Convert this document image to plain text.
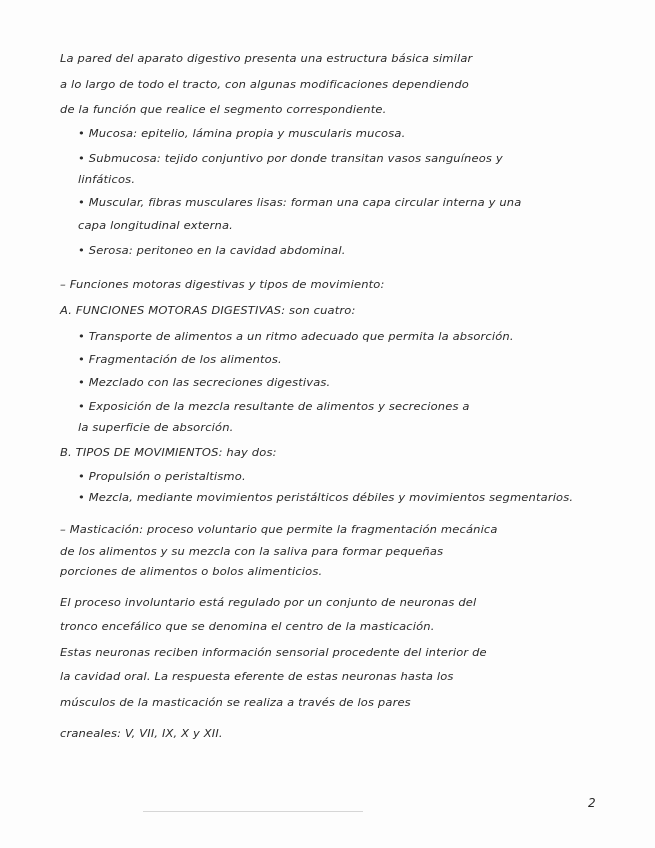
La pared del aparato digestivo presenta una estructura básica similar
a lo largo de todo el tracto, con algunas modificaciones dependiendo
de la función que realice el segmento correspondiente.
• Mucosa: epitelio, lámina propia y muscularis mucosa.
• Submucosa: tejido conjuntivo por donde transitan vasos sanguíneos y
linfáticos.
• Muscular, fibras musculares lisas: forman una capa circular interna y una
capa longitudinal externa.
• Serosa: peritoneo en la cavidad abdominal.
– Funciones motoras digestivas y tipos de movimiento:
A. FUNCIONES MOTORAS DIGESTIVAS: son cuatro:
• Transporte de alimentos a un ritmo adecuado que permita la absorción.
• Fragmentación de los alimentos.
• Mezclado con las secreciones digestivas.
• Exposición de la mezcla resultante de alimentos y secreciones a
la superficie de absorción.
B. TIPOS DE MOVIMIENTOS: hay dos:
• Propulsión o peristaltismo.
• Mezcla, mediante movimientos peristálticos débiles y movimientos segmentarios.
– Masticación: proceso voluntario que permite la fragmentación mecánica
de los alimentos y su mezcla con la saliva para formar pequeñas
porciones de alimentos o bolos alimenticios.
El proceso involuntario está regulado por un conjunto de neuronas del
tronco encefálico que se denomina el centro de la masticación.
Estas neuronas reciben información sensorial procedente del interior de
la cavidad oral. La respuesta eferente de estas neuronas hasta los
músculos de la masticación se realiza a través de los pares
craneales: V, VII, IX, X y XII.
2
